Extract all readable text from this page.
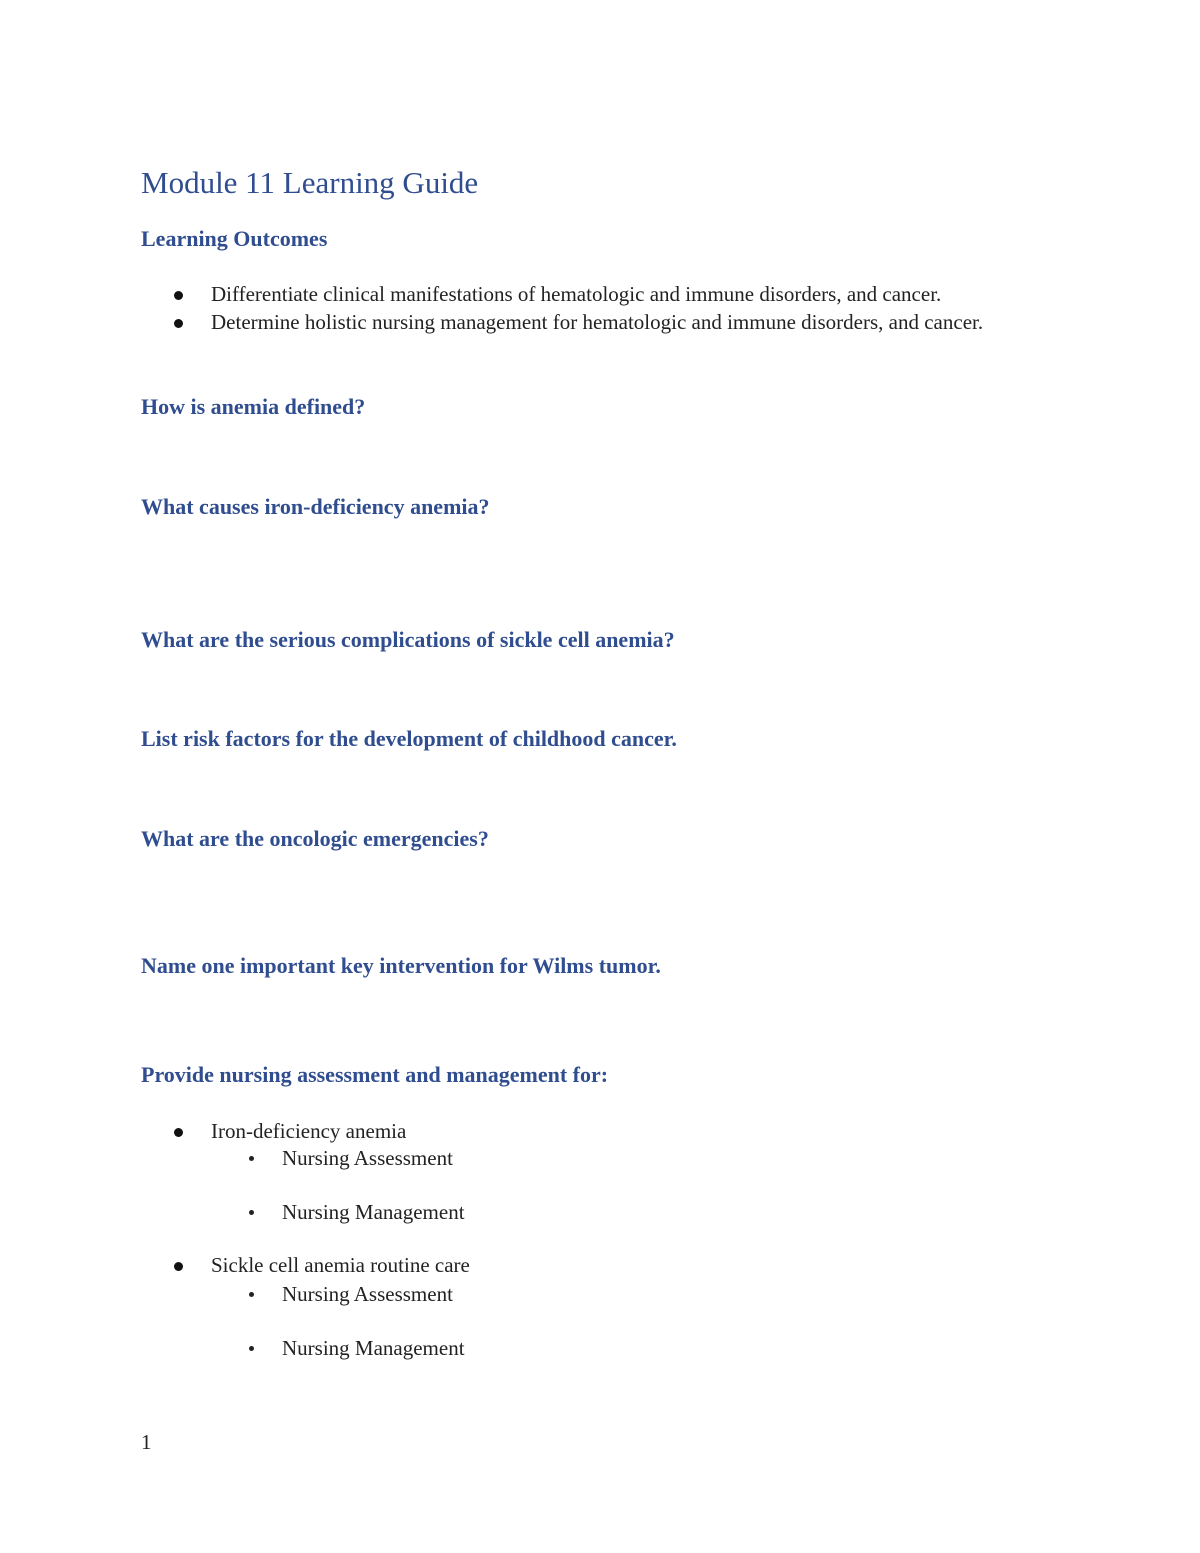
Module 11 Learning Guide
Learning Outcomes
Differentiate clinical manifestations of hematologic and immune disorders, and cancer.
Determine holistic nursing management for hematologic and immune disorders, and cancer.
How is anemia defined?
What causes iron-deficiency anemia?
What are the serious complications of sickle cell anemia?
List risk factors for the development of childhood cancer.
What are the oncologic emergencies?
Name one important key intervention for Wilms tumor.
Provide nursing assessment and management for:
Iron-deficiency anemia
Nursing Assessment
Nursing Management
Sickle cell anemia routine care
Nursing Assessment
Nursing Management
1
